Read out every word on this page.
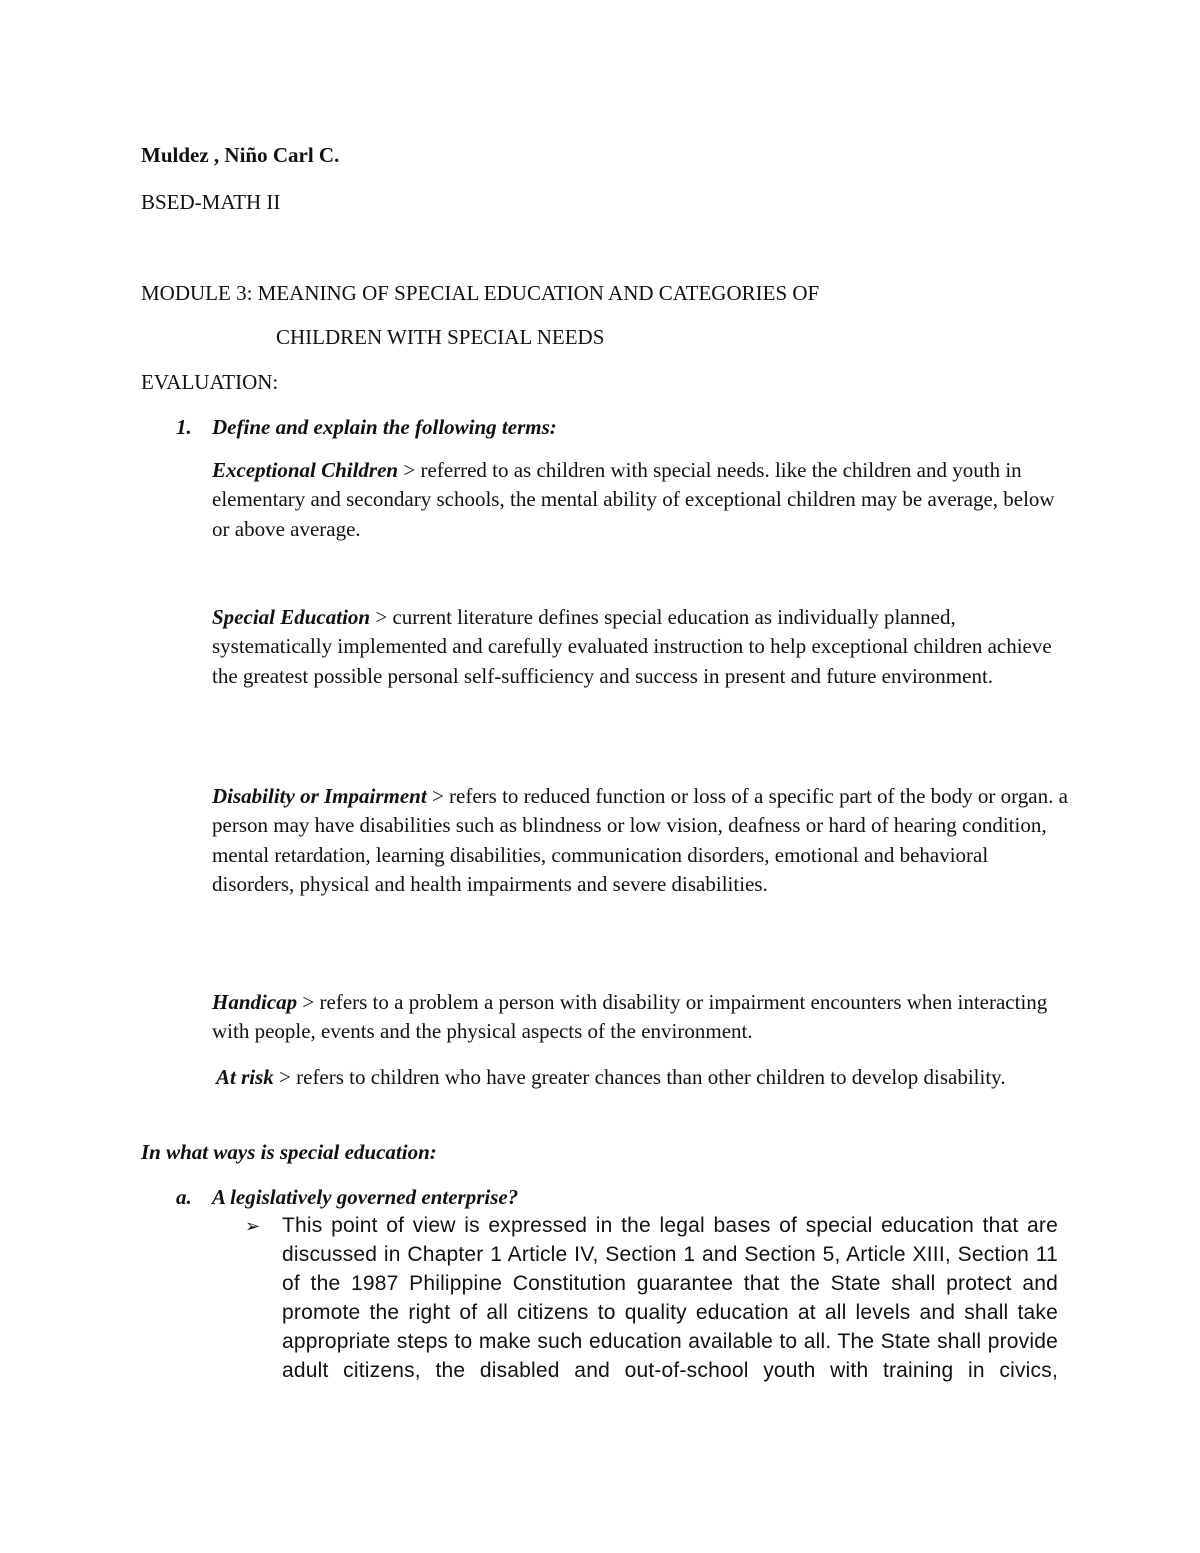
Muldez , Niño Carl C.
BSED-MATH II
MODULE 3: MEANING OF SPECIAL EDUCATION AND CATEGORIES OF
CHILDREN WITH SPECIAL NEEDS
EVALUATION:
1. Define and explain the following terms:
Exceptional Children > referred to as children with special needs. like the children and youth in elementary and secondary schools, the mental ability of exceptional children may be average, below or above average.
Special Education > current literature defines special education as individually planned, systematically implemented and carefully evaluated instruction to help exceptional children achieve the greatest possible personal self-sufficiency and success in present and future environment.
Disability or Impairment > refers to reduced function or loss of a specific part of the body or organ. a person may have disabilities such as blindness or low vision, deafness or hard of hearing condition, mental retardation, learning disabilities, communication disorders, emotional and behavioral disorders, physical and health impairments and severe disabilities.
Handicap > refers to a problem a person with disability or impairment encounters when interacting with people, events and the physical aspects of the environment.
At risk > refers to children who have greater chances than other children to develop disability.
In what ways is special education:
a. A legislatively governed enterprise?
➢ This point of view is expressed in the legal bases of special education that are discussed in Chapter 1 Article IV, Section 1 and Section 5, Article XIII, Section 11 of the 1987 Philippine Constitution guarantee that the State shall protect and promote the right of all citizens to quality education at all levels and shall take appropriate steps to make such education available to all. The State shall provide adult citizens, the disabled and out-of-school youth with training in civics,
